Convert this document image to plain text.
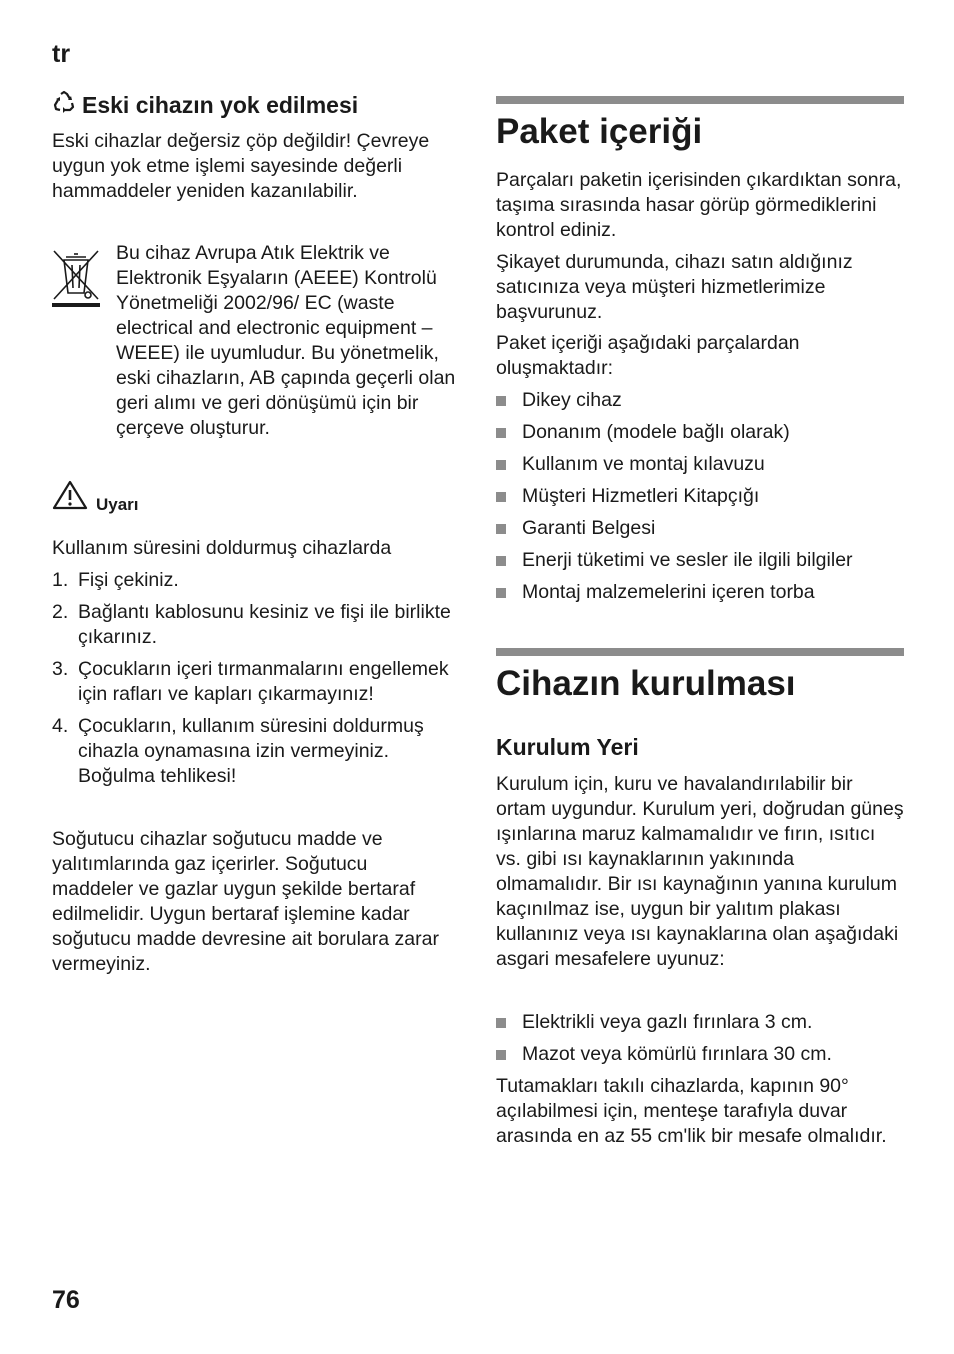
tr
Eski cihazın yok edilmesi

Eski cihazlar değersiz çöp değildir! Çevreye uygun yok etme işlemi sayesinde değerli hammaddeler yeniden kazanılabilir.

Bu cihaz Avrupa Atık Elektrik ve Elektronik Eşyaların (AEEE) Kontrolü Yönetmeliği 2002/96/ EC (waste electrical and electronic equipment – WEEE) ile uyumludur. Bu yönetmelik, eski cihazların, AB çapında geçerli olan geri alımı ve geri dönüşümü için bir çerçeve oluşturur.

Uyarı

Kullanım süresini doldurmuş cihazlarda

1. Fişi çekiniz.
2. Bağlantı kablosunu kesiniz ve fişi ile birlikte çıkarınız.
3. Çocukların içeri tırmanmalarını engellemek için rafları ve kapları çıkarmayınız!
4. Çocukların, kullanım süresini doldurmuş cihazla oynamasına izin vermeyiniz. Boğulma tehlikesi!

Soğutucu cihazlar soğutucu madde ve yalıtımlarında gaz içerirler. Soğutucu maddeler ve gazlar uygun şekilde bertaraf edilmelidir. Uygun bertaraf işlemine kadar soğutucu madde devresine ait borulara zarar vermeyiniz.

Paket içeriği

Parçaları paketin içerisinden çıkardıktan sonra, taşıma sırasında hasar görüp görmediklerini kontrol ediniz.

Şikayet durumunda, cihazı satın aldığınız satıcınıza veya müşteri hizmetlerimize başvurunuz.

Paket içeriği aşağıdaki parçalardan oluşmaktadır:

Dikey cihaz
Donanım (modele bağlı olarak)
Kullanım ve montaj kılavuzu
Müşteri Hizmetleri Kitapçığı
Garanti Belgesi
Enerji tüketimi ve sesler ile ilgili bilgiler
Montaj malzemelerini içeren torba
Cihazın kurulması
Kurulum Yeri

Kurulum için, kuru ve havalandırılabilir bir ortam uygundur. Kurulum yeri, doğrudan güneş ışınlarına maruz kalmamalıdır ve fırın, ısıtıcı vs. gibi ısı kaynaklarının yakınında olmamalıdır. Bir ısı kaynağının yanına kurulum kaçınılmaz ise, uygun bir yalıtım plakası kullanınız veya ısı kaynaklarına olan aşağıdaki asgari mesafelere uyunuz:

Elektrikli veya gazlı fırınlara 3 cm.
Mazot veya kömürlü fırınlara 30 cm.

Tutamakları takılı cihazlarda, kapının 90° açılabilmesi için, menteşe tarafıyla duvar arasında en az 55 cm'lik bir mesafe olmalıdır.

76
